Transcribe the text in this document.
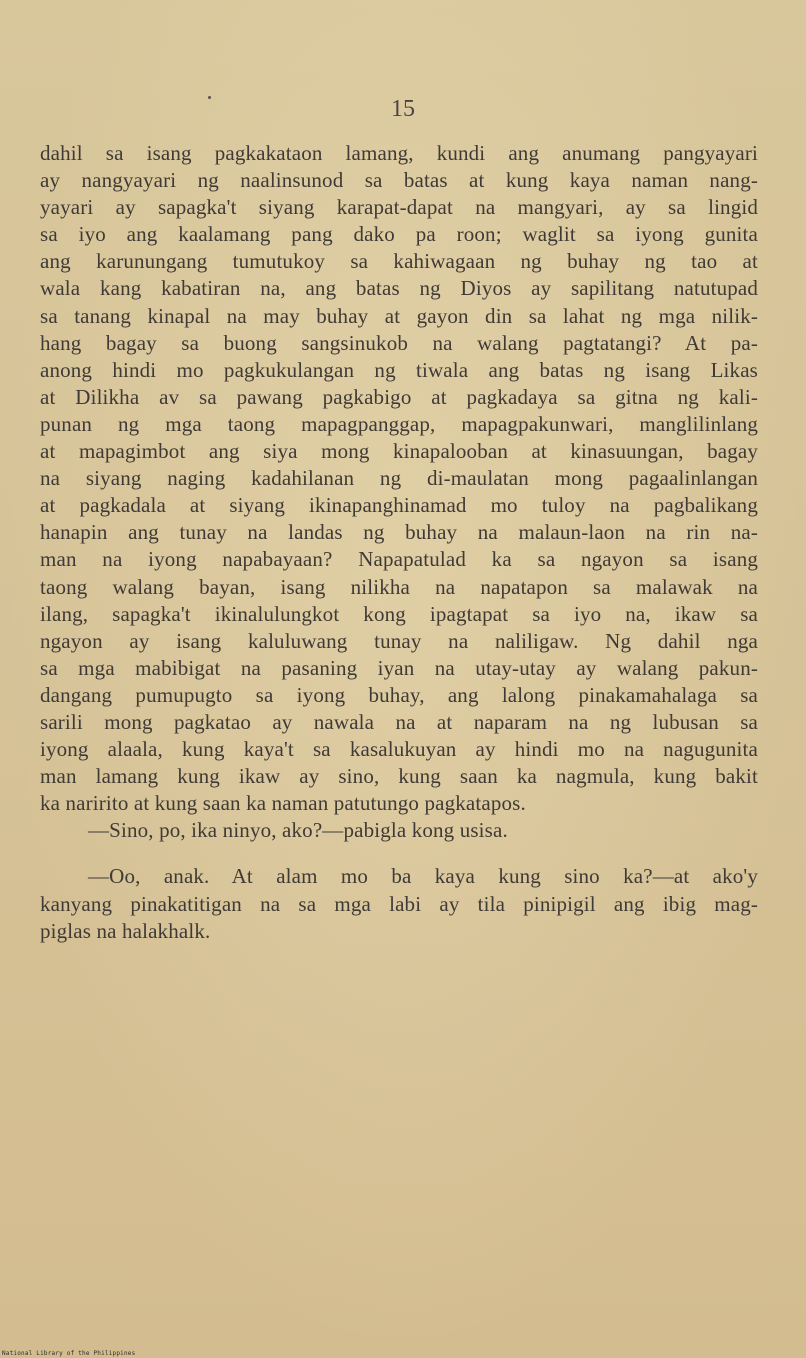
15
dahil sa isang pagkakataon lamang, kundi ang anumang pangyayari
ay nangyayari ng naalinsunod sa batas at kung kaya naman nang-
yayari ay sapagka't siyang karapat-dapat na mangyari, ay sa lingid
sa iyo ang kaalamang pang dako pa roon; waglit sa iyong gunita
ang karunungang tumutukoy sa kahiwagaan ng buhay ng tao at
wala kang kabatiran na, ang batas ng Diyos ay sapilitang natutupad
sa tanang kinapal na may buhay at gayon din sa lahat ng mga nilik-
hang bagay sa buong sangsinukob na walang pagtatangi? At pa-
anong hindi mo pagkukulangan ng tiwala ang batas ng isang Likas
at Dilikha av sa pawang pagkabigo at pagkadaya sa gitna ng kali-
punan ng mga taong mapagpanggap, mapagpakunwari, manglilinlang
at mapagimbot ang siya mong kinapalooban at kinasuungan, bagay
na siyang naging kadahilanan ng di-maulatan mong pagaalinlangan
at pagkadala at siyang ikinapanghinamad mo tuloy na pagbalikang
hanapin ang tunay na landas ng buhay na malaun-laon na rin na-
man na iyong napabayaan? Napapatulad ka sa ngayon sa isang
taong walang bayan, isang nilikha na napatapon sa malawak na
ilang, sapagka't ikinalulungkot kong ipagtapat sa iyo na, ikaw sa
ngayon ay isang kaluluwang tunay na naliligaw. Ng dahil nga
sa mga mabibigat na pasaning iyan na utay-utay ay walang pakun-
dangang pumupugto sa iyong buhay, ang lalong pinakamahalaga sa
sarili mong pagkatao ay nawala na at naparam na ng lubusan sa
iyong alaala, kung kaya't sa kasalukuyan ay hindi mo na nagugunita
man lamang kung ikaw ay sino, kung saan ka nagmula, kung bakit
ka naririto at kung saan ka naman patutungo pagkatapos.
—Sino, po, ika ninyo, ako?—pabigla kong usisa.
—Oo, anak. At alam mo ba kaya kung sino ka?—at ako'y
kanyang pinakatitigan na sa mga labi ay tila pinipigil ang ibig mag-
piglas na halakhalk.
National Library of the Philippines
